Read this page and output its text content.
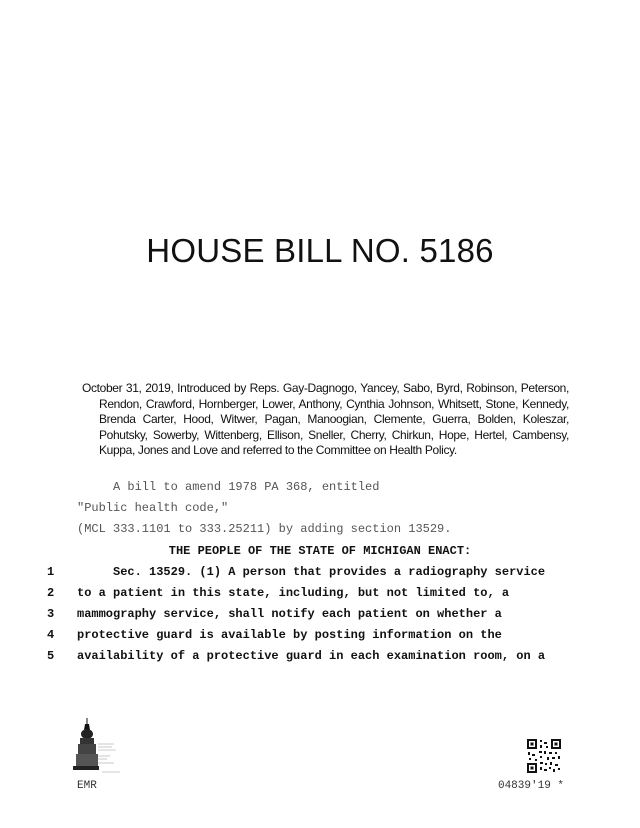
HOUSE BILL NO. 5186
October 31, 2019, Introduced by Reps. Gay-Dagnogo, Yancey, Sabo, Byrd, Robinson, Peterson, Rendon, Crawford, Hornberger, Lower, Anthony, Cynthia Johnson, Whitsett, Stone, Kennedy, Brenda Carter, Hood, Witwer, Pagan, Manoogian, Clemente, Guerra, Bolden, Koleszar, Pohutsky, Sowerby, Wittenberg, Ellison, Sneller, Cherry, Chirkun, Hope, Hertel, Cambensy, Kuppa, Jones and Love and referred to the Committee on Health Policy.
A bill to amend 1978 PA 368, entitled
"Public health code,"
(MCL 333.1101 to 333.25211) by adding section 13529.
THE PEOPLE OF THE STATE OF MICHIGAN ENACT:
1 Sec. 13529. (1) A person that provides a radiography service
2 to a patient in this state, including, but not limited to, a
3 mammography service, shall notify each patient on whether a
4 protective guard is available by posting information on the
5 availability of a protective guard in each examination room, on a
EMR	04839'19 *
